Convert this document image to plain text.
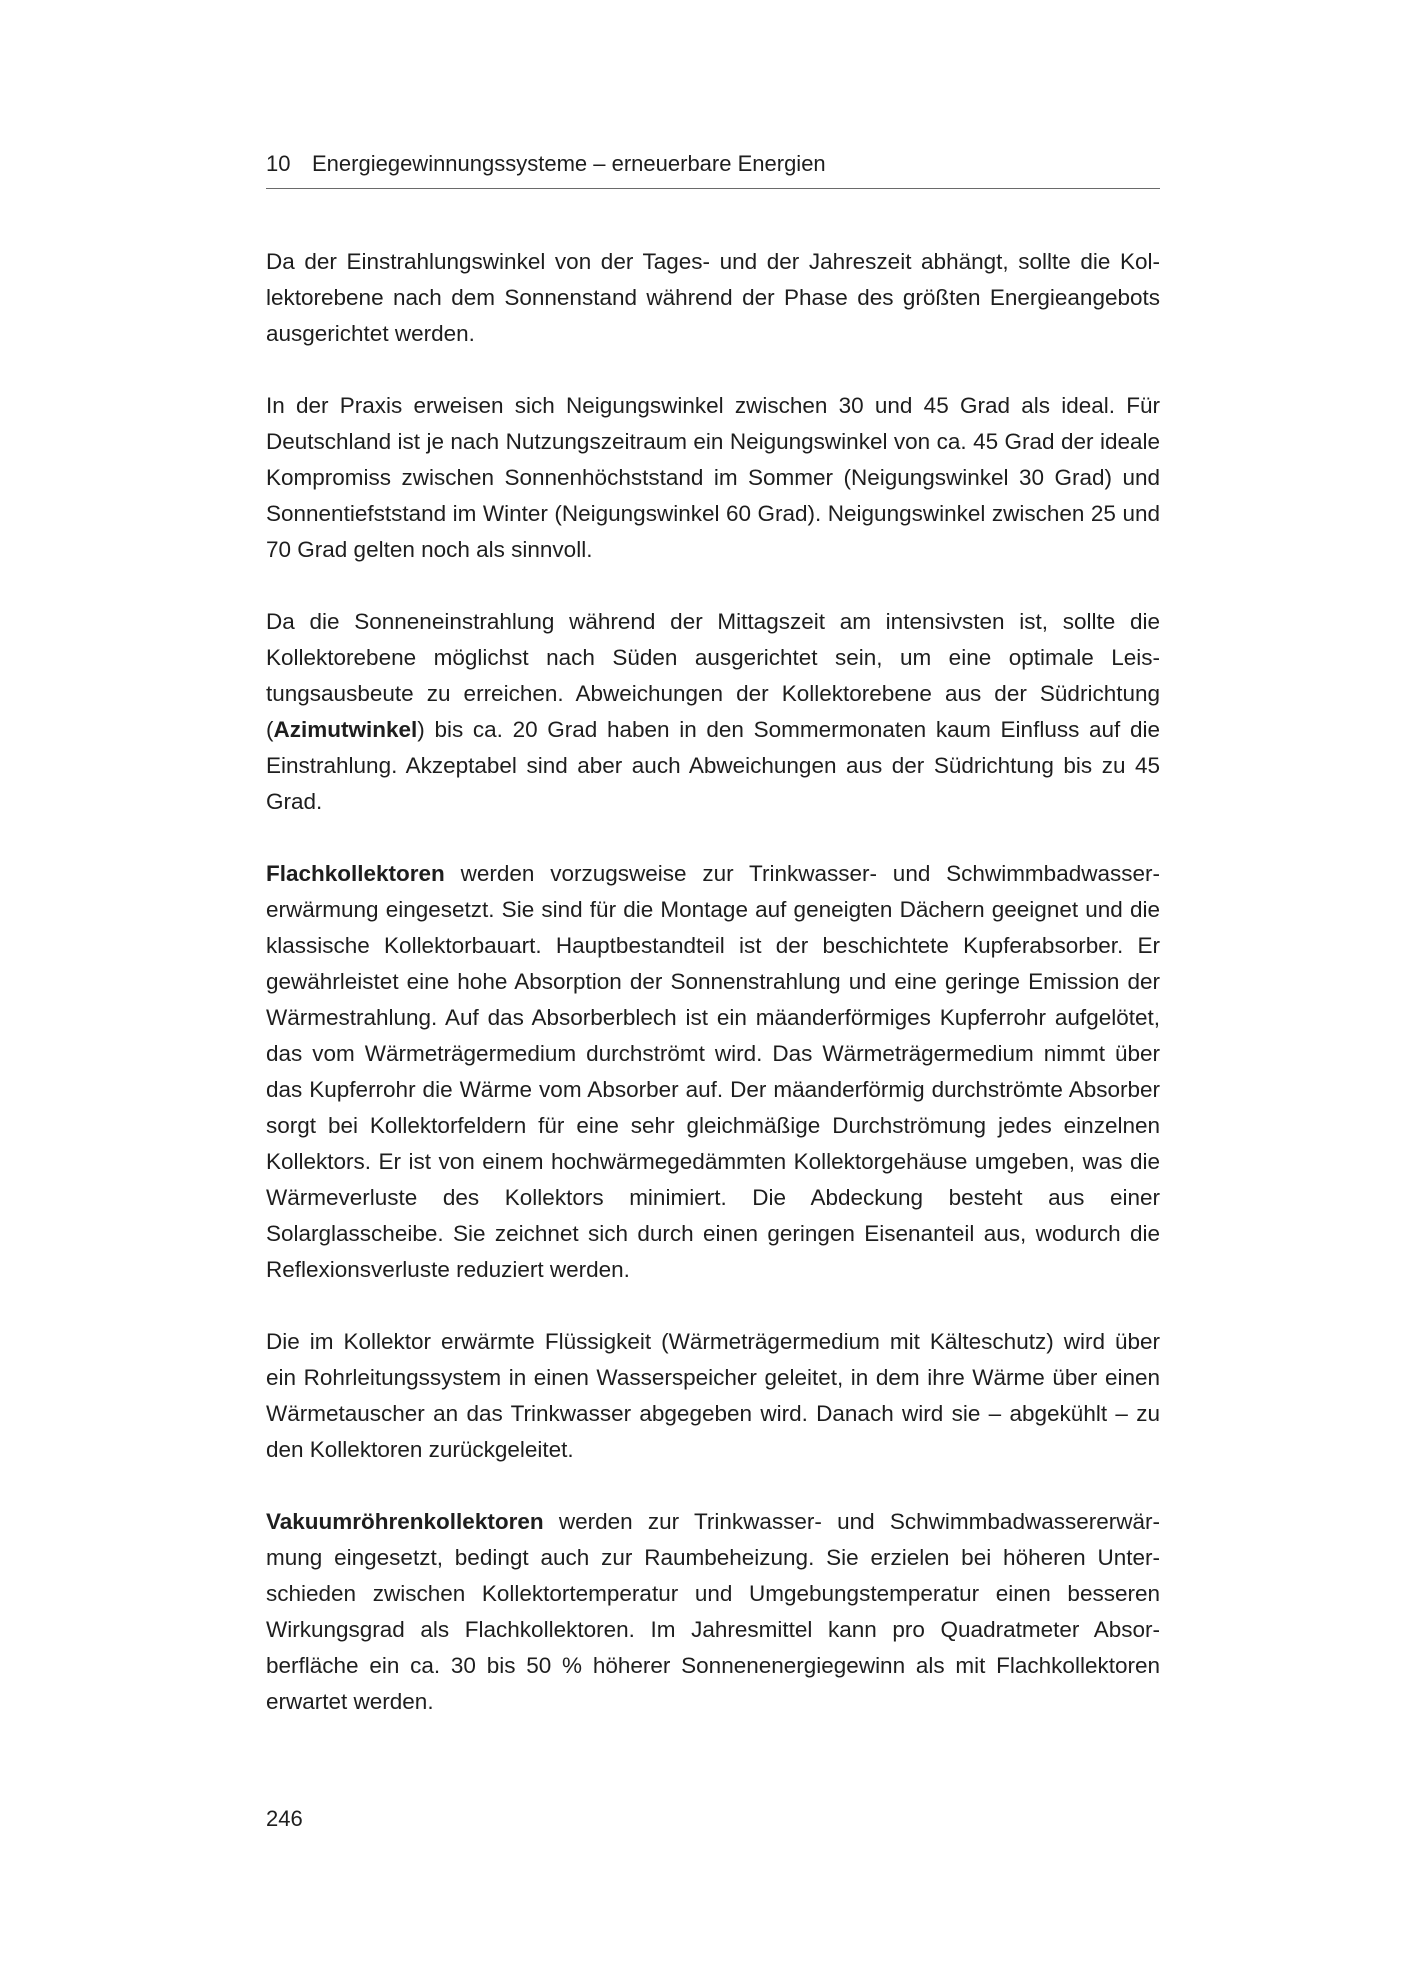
10 Energiegewinnungssysteme – erneuerbare Energien

Da der Einstrahlungswinkel von der Tages- und der Jahreszeit abhängt, sollte die Kollektorebene nach dem Sonnenstand während der Phase des größten Energieangebots ausgerichtet werden.

In der Praxis erweisen sich Neigungswinkel zwischen 30 und 45 Grad als ideal. Für Deutschland ist je nach Nutzungszeitraum ein Neigungswinkel von ca. 45 Grad der ideale Kompromiss zwischen Sonnenhöchststand im Sommer (Neigungswinkel 30 Grad) und Sonnentiefststand im Winter (Neigungswinkel 60 Grad). Neigungswinkel zwischen 25 und 70 Grad gelten noch als sinnvoll.

Da die Sonneneinstrahlung während der Mittagszeit am intensivsten ist, sollte die Kollektorebene möglichst nach Süden ausgerichtet sein, um eine optimale Leistungsausbeute zu erreichen. Abweichungen der Kollektorebene aus der Südrichtung (Azimutwinkel) bis ca. 20 Grad haben in den Sommermonaten kaum Einfluss auf die Einstrahlung. Akzeptabel sind aber auch Abweichungen aus der Südrichtung bis zu 45 Grad.

Flachkollektoren werden vorzugsweise zur Trinkwasser- und Schwimmbadwassererwärmung eingesetzt. Sie sind für die Montage auf geneigten Dächern geeignet und die klassische Kollektorbauart. Hauptbestandteil ist der beschichtete Kupferabsorber. Er gewährleistet eine hohe Absorption der Sonnenstrahlung und eine geringe Emission der Wärmestrahlung. Auf das Absorberblech ist ein mäanderförmiges Kupferrohr aufgelötet, das vom Wärmeträgermedium durchströmt wird. Das Wärmeträgermedium nimmt über das Kupferrohr die Wärme vom Absorber auf. Der mäanderförmig durchströmte Absorber sorgt bei Kollektorfeldern für eine sehr gleichmäßige Durchströmung jedes einzelnen Kollektors. Er ist von einem hochwärmegedämmten Kollektorgehäuse umgeben, was die Wärmeverluste des Kollektors minimiert. Die Abdeckung besteht aus einer Solarglasscheibe. Sie zeichnet sich durch einen geringen Eisenanteil aus, wodurch die Reflexionsverluste reduziert werden.

Die im Kollektor erwärmte Flüssigkeit (Wärmeträgermedium mit Kälteschutz) wird über ein Rohrleitungssystem in einen Wasserspeicher geleitet, in dem ihre Wärme über einen Wärmetauscher an das Trinkwasser abgegeben wird. Danach wird sie – abgekühlt – zu den Kollektoren zurückgeleitet.

Vakuumröhrenkollektoren werden zur Trinkwasser- und Schwimmbadwassererwärmung eingesetzt, bedingt auch zur Raumbeheizung. Sie erzielen bei höheren Unterschieden zwischen Kollektortemperatur und Umgebungstemperatur einen besseren Wirkungsgrad als Flachkollektoren. Im Jahresmittel kann pro Quadratmeter Absorberfläche ein ca. 30 bis 50 % höherer Sonnenenergiegewinn als mit Flachkollektoren erwartet werden.

246
